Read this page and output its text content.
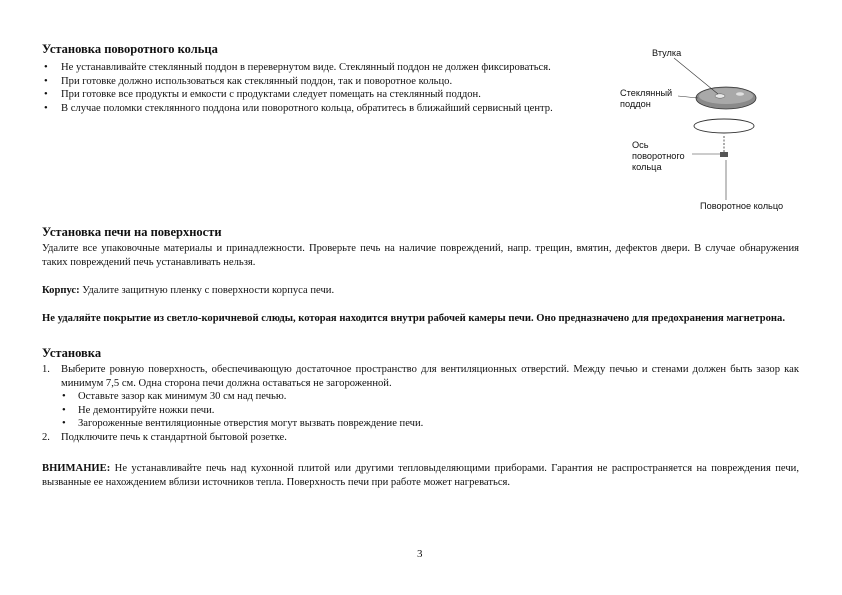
Установка поворотного кольца
• Не устанавливайте стеклянный поддон в перевернутом виде. Стеклянный поддон не должен фиксироваться.
• При готовке должно использоваться как стеклянный поддон, так и поворотное кольцо.
• При готовке все продукты и емкости с продуктами следует помещать на стеклянный поддон.
• В случае поломки стеклянного поддона или поворотного кольца, обратитесь в ближайший сервисный центр.
Втулка
Стеклянный
поддон
Ось
поворотного
кольца
Поворотное кольцо
Установка печи на поверхности
Удалите все упаковочные материалы и принадлежности. Проверьте печь на наличие повреждений, напр. трещин, вмятин, дефектов двери. В случае обнаружения таких повреждений печь устанавливать нельзя.
Корпус: Удалите защитную пленку с поверхности корпуса печи.
Не удаляйте покрытие из светло-коричневой слюды, которая находится внутри рабочей камеры печи. Оно предназначено для предохранения магнетрона.
Установка
1. Выберите ровную поверхность, обеспечивающую достаточное пространство для вентиляционных отверстий. Между печью и стенами должен быть зазор как минимум 7,5 см. Одна сторона печи должна оставаться не загороженной.
• Оставьте зазор как минимум 30 см над печью.
• Не демонтируйте ножки печи.
• Загороженные вентиляционные отверстия могут вызвать повреждение печи.
2. Подключите печь к стандартной бытовой розетке.
ВНИМАНИЕ: Не устанавливайте печь над кухонной плитой или другими тепловыделяющими приборами. Гарантия не распространяется на повреждения печи, вызванные ее нахождением вблизи источников тепла. Поверхность печи при работе может нагреваться.
3
